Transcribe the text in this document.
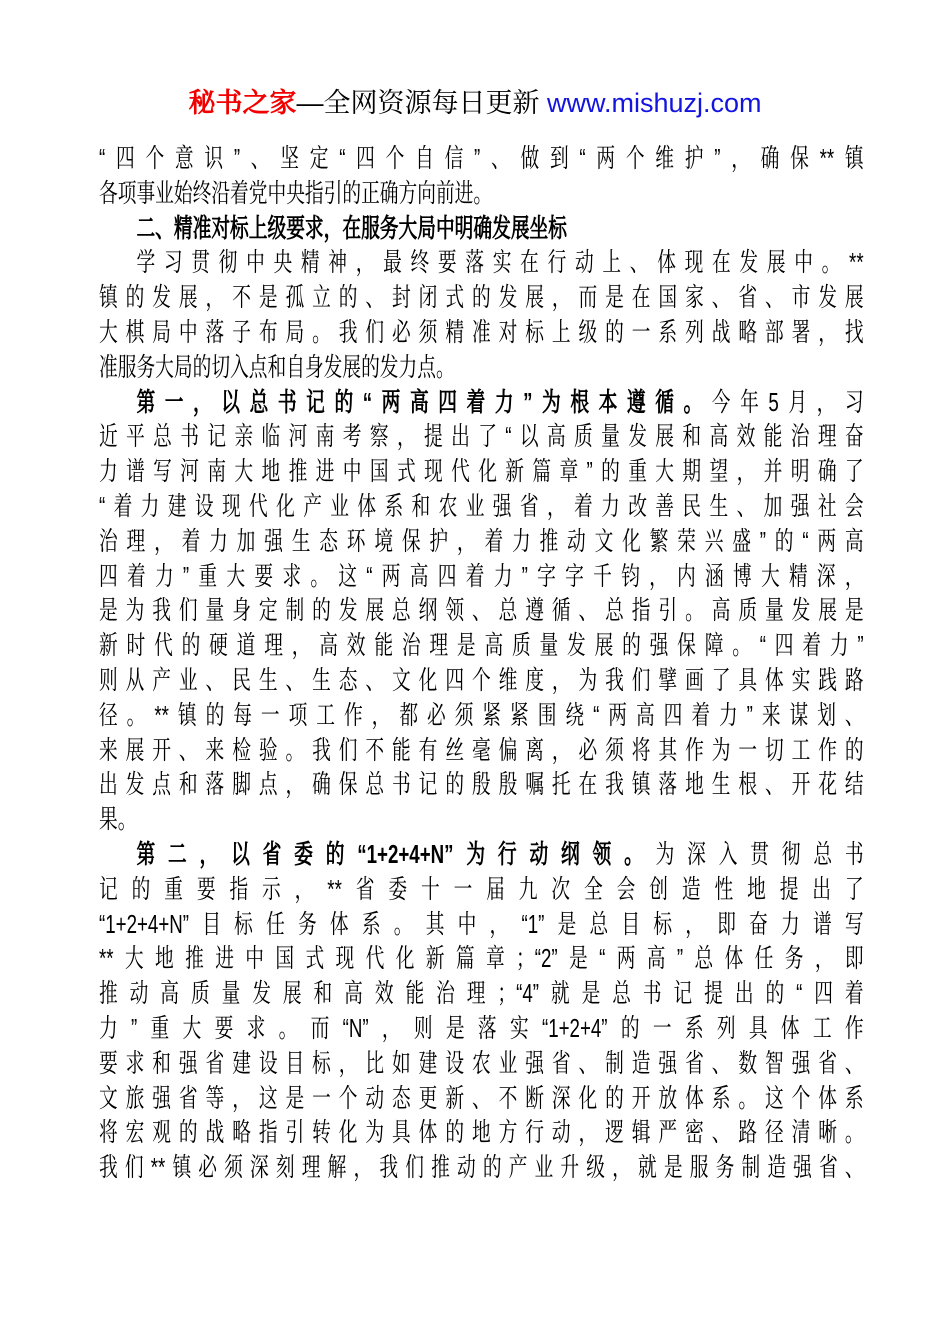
秘书之家—全网资源每日更新 www.mishuzj.com
“四个意识”、坚定“四个自信”、做到“两个维护”，确保**镇
各项事业始终沿着党中央指引的正确方向前进。
二、精准对标上级要求，在服务大局中明确发展坐标
学习贯彻中央精神，最终要落实在行动上、体现在发展中。**
镇的发展，不是孤立的、封闭式的发展，而是在国家、省、市发展
大棋局中落子布局。我们必须精准对标上级的一系列战略部署，找
准服务大局的切入点和自身发展的发力点。
第一，以总书记的“两高四着力”为根本遵循。今年5月，习
近平总书记亲临河南考察，提出了“以高质量发展和高效能治理奋
力谱写河南大地推进中国式现代化新篇章”的重大期望，并明确了
“着力建设现代化产业体系和农业强省，着力改善民生、加强社会
治理，着力加强生态环境保护，着力推动文化繁荣兴盛”的“两高
四着力”重大要求。这“两高四着力”字字千钧，内涵博大精深，
是为我们量身定制的发展总纲领、总遵循、总指引。高质量发展是
新时代的硬道理，高效能治理是高质量发展的强保障。“四着力”
则从产业、民生、生态、文化四个维度，为我们擘画了具体实践路
径。**镇的每一项工作，都必须紧紧围绕“两高四着力”来谋划、
来展开、来检验。我们不能有丝毫偏离，必须将其作为一切工作的
出发点和落脚点，确保总书记的殷殷嘱托在我镇落地生根、开花结
果。
第二，以省委的“1+2+4+N”为行动纲领。为深入贯彻总书
记的重要指示，**省委十一届九次全会创造性地提出了
“1+2+4+N”目标任务体系。其中，“1”是总目标，即奋力谱写
**大地推进中国式现代化新篇章；“2”是“两高”总体任务，即
推动高质量发展和高效能治理；“4”就是总书记提出的“四着
力”重大要求。而“N”，则是落实“1+2+4”的一系列具体工作
要求和强省建设目标，比如建设农业强省、制造强省、数智强省、
文旅强省等，这是一个动态更新、不断深化的开放体系。这个体系
将宏观的战略指引转化为具体的地方行动，逻辑严密、路径清晰。
我们**镇必须深刻理解，我们推动的产业升级，就是服务制造强省、
